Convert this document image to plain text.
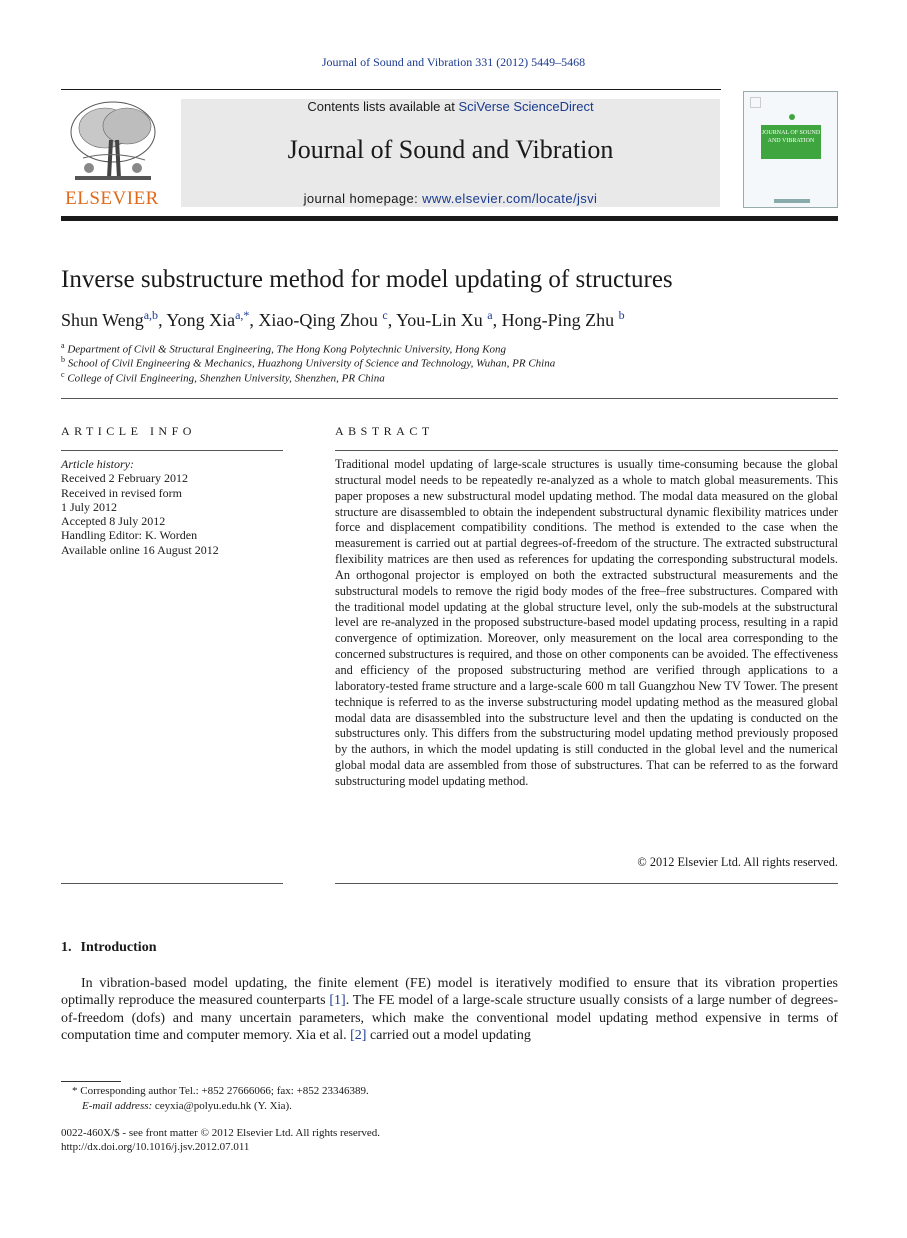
Journal of Sound and Vibration 331 (2012) 5449–5468
ELSEVIER
Contents lists available at SciVerse ScienceDirect
Journal of Sound and Vibration
journal homepage: www.elsevier.com/locate/jsvi
JOURNAL OF SOUND AND VIBRATION
Inverse substructure method for model updating of structures
Shun Weng$^{a,b}$, Yong Xia$^{a,*}$, Xiao-Qing Zhou $^c$, You-Lin Xu $^a$, Hong-Ping Zhu $^b$
$^a$ Department of Civil & Structural Engineering, The Hong Kong Polytechnic University, Hong Kong
$^b$ School of Civil Engineering & Mechanics, Huazhong University of Science and Technology, Wuhan, PR China
$^c$ College of Civil Engineering, Shenzhen University, Shenzhen, PR China
ARTICLE INFO
Article history:
Received 2 February 2012
Received in revised form
1 July 2012
Accepted 8 July 2012
Handling Editor: K. Worden
Available online 16 August 2012
ABSTRACT
Traditional model updating of large-scale structures is usually time-consuming because the global structural model needs to be repeatedly re-analyzed as a whole to match global measurements. This paper proposes a new substructural model updating method. The modal data measured on the global structure are disassembled to obtain the independent substructural dynamic flexibility matrices under force and displacement compatibility conditions. The method is extended to the case when the measurement is carried out at partial degrees-of-freedom of the structure. The extracted substructural flexibility matrices are then used as references for updating the corresponding substructural models. An orthogonal projector is employed on both the extracted substructural measurements and the substructural models to remove the rigid body modes of the free–free substructures. Compared with the traditional model updating at the global structure level, only the sub-models at the substructural level are re-analyzed in the proposed substructure-based model updating process, resulting in a rapid convergence of optimization. Moreover, only measurement on the local area corresponding to the concerned substructures is required, and those on other components can be avoided. The effectiveness and efficiency of the proposed substructuring method are verified through applications to a laboratory-tested frame structure and a large-scale 600 m tall Guangzhou New TV Tower. The present technique is referred to as the inverse substructuring model updating method as the measured global modal data are disassembled into the substructure level and then the updating is conducted on the substructures only. This differs from the substructuring model updating method previously proposed by the authors, in which the model updating is still conducted in the global level and the numerical global modal data are assembled from those of substructures. That can be referred to as the forward substructuring model updating method.
© 2012 Elsevier Ltd. All rights reserved.
1. Introduction

In vibration-based model updating, the finite element (FE) model is iteratively modified to ensure that its vibration properties optimally reproduce the measured counterparts [1]. The FE model of a large-scale structure usually consists of a large number of degrees-of-freedom (dofs) and many uncertain parameters, which make the conventional model updating method expensive in terms of computation time and computer memory. Xia et al. [2] carried out a model updating

* Corresponding author Tel.: +852 27666066; fax: +852 23346389.
E-mail address: ceyxia@polyu.edu.hk (Y. Xia).
0022-460X/$ - see front matter © 2012 Elsevier Ltd. All rights reserved.
http://dx.doi.org/10.1016/j.jsv.2012.07.011
